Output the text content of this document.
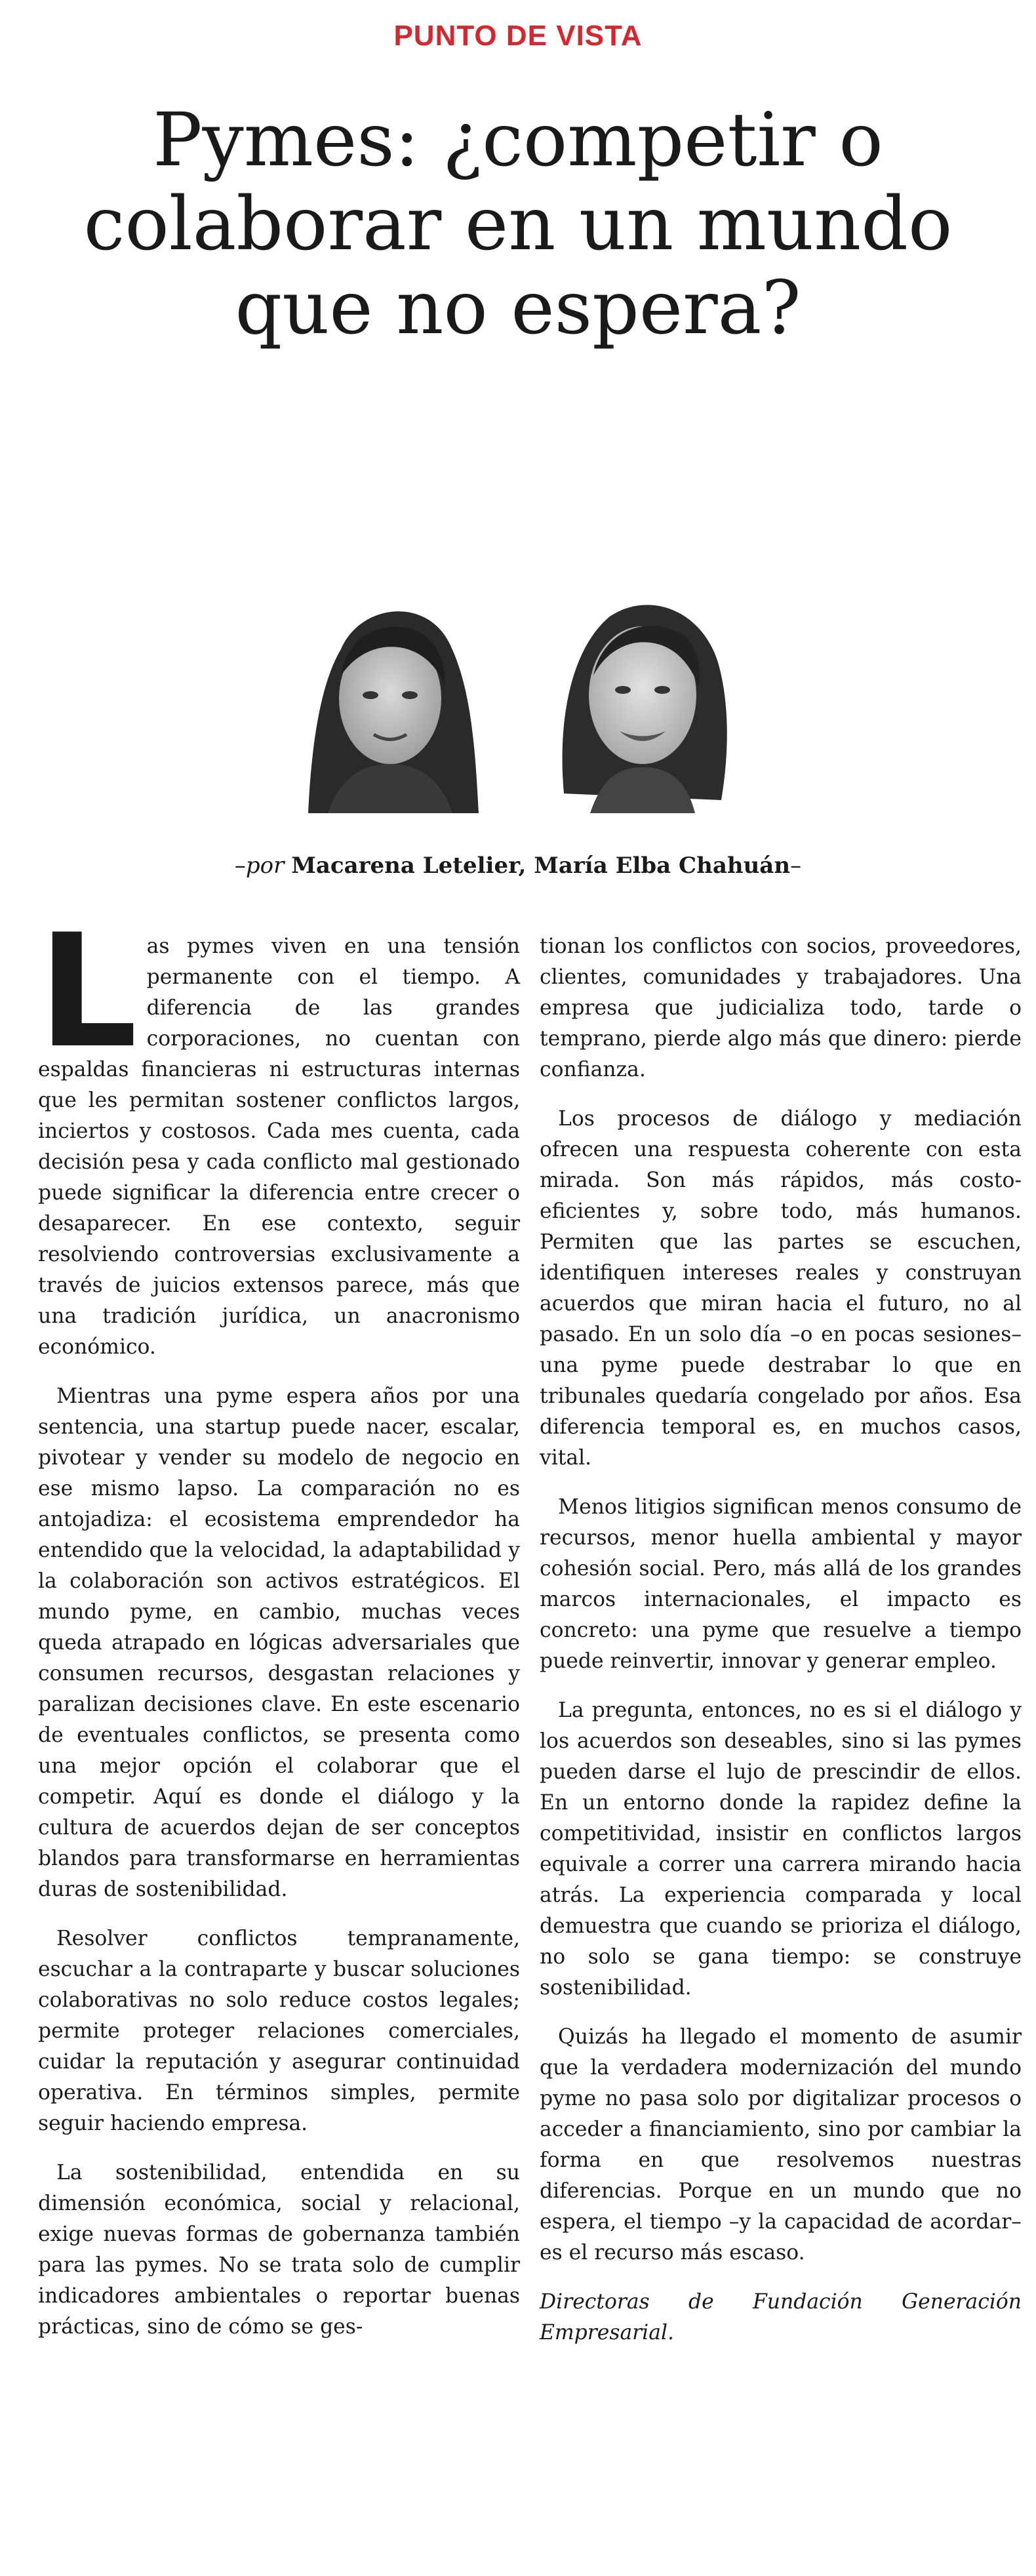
PUNTO DE VISTA
Pymes: ¿competir o colaborar en un mundo que no espera?
–por Macarena Letelier, María Elba Chahuán–

Las pymes viven en una tensión permanente con el tiempo. A diferencia de las grandes corporaciones, no cuentan con espaldas financieras ni estructuras internas que les permitan sostener conflictos largos, inciertos y costosos. Cada mes cuenta, cada decisión pesa y cada conflicto mal gestionado puede significar la diferencia entre crecer o desaparecer. En ese contexto, seguir resolviendo controversias exclusivamente a través de juicios extensos parece, más que una tradición jurídica, un anacronismo económico.

Mientras una pyme espera años por una sentencia, una startup puede nacer, escalar, pivotear y vender su modelo de negocio en ese mismo lapso. La comparación no es antojadiza: el ecosistema emprendedor ha entendido que la velocidad, la adaptabilidad y la colaboración son activos estratégicos. El mundo pyme, en cambio, muchas veces queda atrapado en lógicas adversariales que consumen recursos, desgastan relaciones y paralizan decisiones clave. En este escenario de eventuales conflictos, se presenta como una mejor opción el colaborar que el competir. Aquí es donde el diálogo y la cultura de acuerdos dejan de ser conceptos blandos para transformarse en herramientas duras de sostenibilidad.

Resolver conflictos tempranamente, escuchar a la contraparte y buscar soluciones colaborativas no solo reduce costos legales; permite proteger relaciones comerciales, cuidar la reputación y asegurar continuidad operativa. En términos simples, permite seguir haciendo empresa.

La sostenibilidad, entendida en su dimensión económica, social y relacional, exige nuevas formas de gobernanza también para las pymes. No se trata solo de cumplir indicadores ambientales o reportar buenas prácticas, sino de cómo se ges-

tionan los conflictos con socios, proveedores, clientes, comunidades y trabajadores. Una empresa que judicializa todo, tarde o temprano, pierde algo más que dinero: pierde confianza.

Los procesos de diálogo y mediación ofrecen una respuesta coherente con esta mirada. Son más rápidos, más costo-eficientes y, sobre todo, más humanos. Permiten que las partes se escuchen, identifiquen intereses reales y construyan acuerdos que miran hacia el futuro, no al pasado. En un solo día –o en pocas sesiones– una pyme puede destrabar lo que en tribunales quedaría congelado por años. Esa diferencia temporal es, en muchos casos, vital.

Menos litigios significan menos consumo de recursos, menor huella ambiental y mayor cohesión social. Pero, más allá de los grandes marcos internacionales, el impacto es concreto: una pyme que resuelve a tiempo puede reinvertir, innovar y generar empleo.

La pregunta, entonces, no es si el diálogo y los acuerdos son deseables, sino si las pymes pueden darse el lujo de prescindir de ellos. En un entorno donde la rapidez define la competitividad, insistir en conflictos largos equivale a correr una carrera mirando hacia atrás. La experiencia comparada y local demuestra que cuando se prioriza el diálogo, no solo se gana tiempo: se construye sostenibilidad.

Quizás ha llegado el momento de asumir que la verdadera modernización del mundo pyme no pasa solo por digitalizar procesos o acceder a financiamiento, sino por cambiar la forma en que resolvemos nuestras diferencias. Porque en un mundo que no espera, el tiempo –y la capacidad de acordar– es el recurso más escaso.

Directoras de Fundación Generación Empresarial.
